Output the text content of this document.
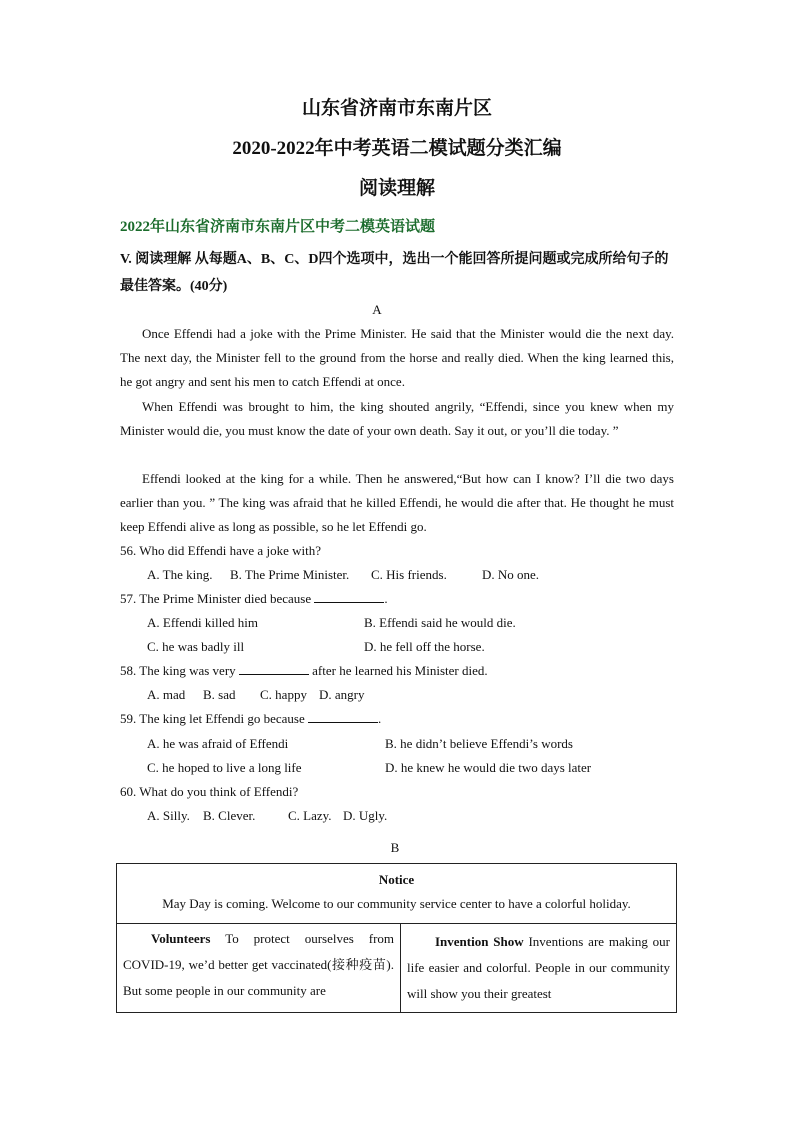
山东省济南市东南片区
2020-2022年中考英语二模试题分类汇编
阅读理解
2022年山东省济南市东南片区中考二模英语试题
V. 阅读理解 从每题A、B、C、D四个选项中，选出一个能回答所提问题或完成所给句子的最佳答案。(40分)
A
Once Effendi had a joke with the Prime Minister. He said that the Minister would die the next day. The next day, the Minister fell to the ground from the horse and really died. When the king learned this, he got angry and sent his men to catch Effendi at once.
When Effendi was brought to him, the king shouted angrily, “Effendi, since you knew when my Minister would die, you must know the date of your own death. Say it out, or you’ll die today. ”
Effendi looked at the king for a while. Then he answered,“But how can I know? I’ll die two days earlier than you. ” The king was afraid that he killed Effendi, he would die after that. He thought he must keep Effendi alive as long as possible, so he let Effendi go.
56. Who did Effendi have a joke with?
A. The king. B. The Prime Minister. C. His friends.	D. No one.
57. The Prime Minister died because	.
A. Effendi killed him	B. Effendi said he would die.
C. he was badly ill	D. he fell off the horse.
58. The king was very	after he learned his Minister died.
A. mad B. sad C. happy D. angry
59. The king let Effendi go because	.
A. he was afraid of Effendi	B. he didn’t believe Effendi’s words
C. he hoped to live a long life	D. he knew he would die two days later
60. What do you think of Effendi?
A. Silly. B. Clever.	C. Lazy. D. Ugly.
B
Notice
May Day is coming. Welcome to our community service center to have a colorful holiday.
Volunteers To protect ourselves from COVID-19, we’d better get vaccinated(接种疫苗). But some people in our community are
Invention Show Inventions are making our life easier and colorful. People in our community will show you their greatest
